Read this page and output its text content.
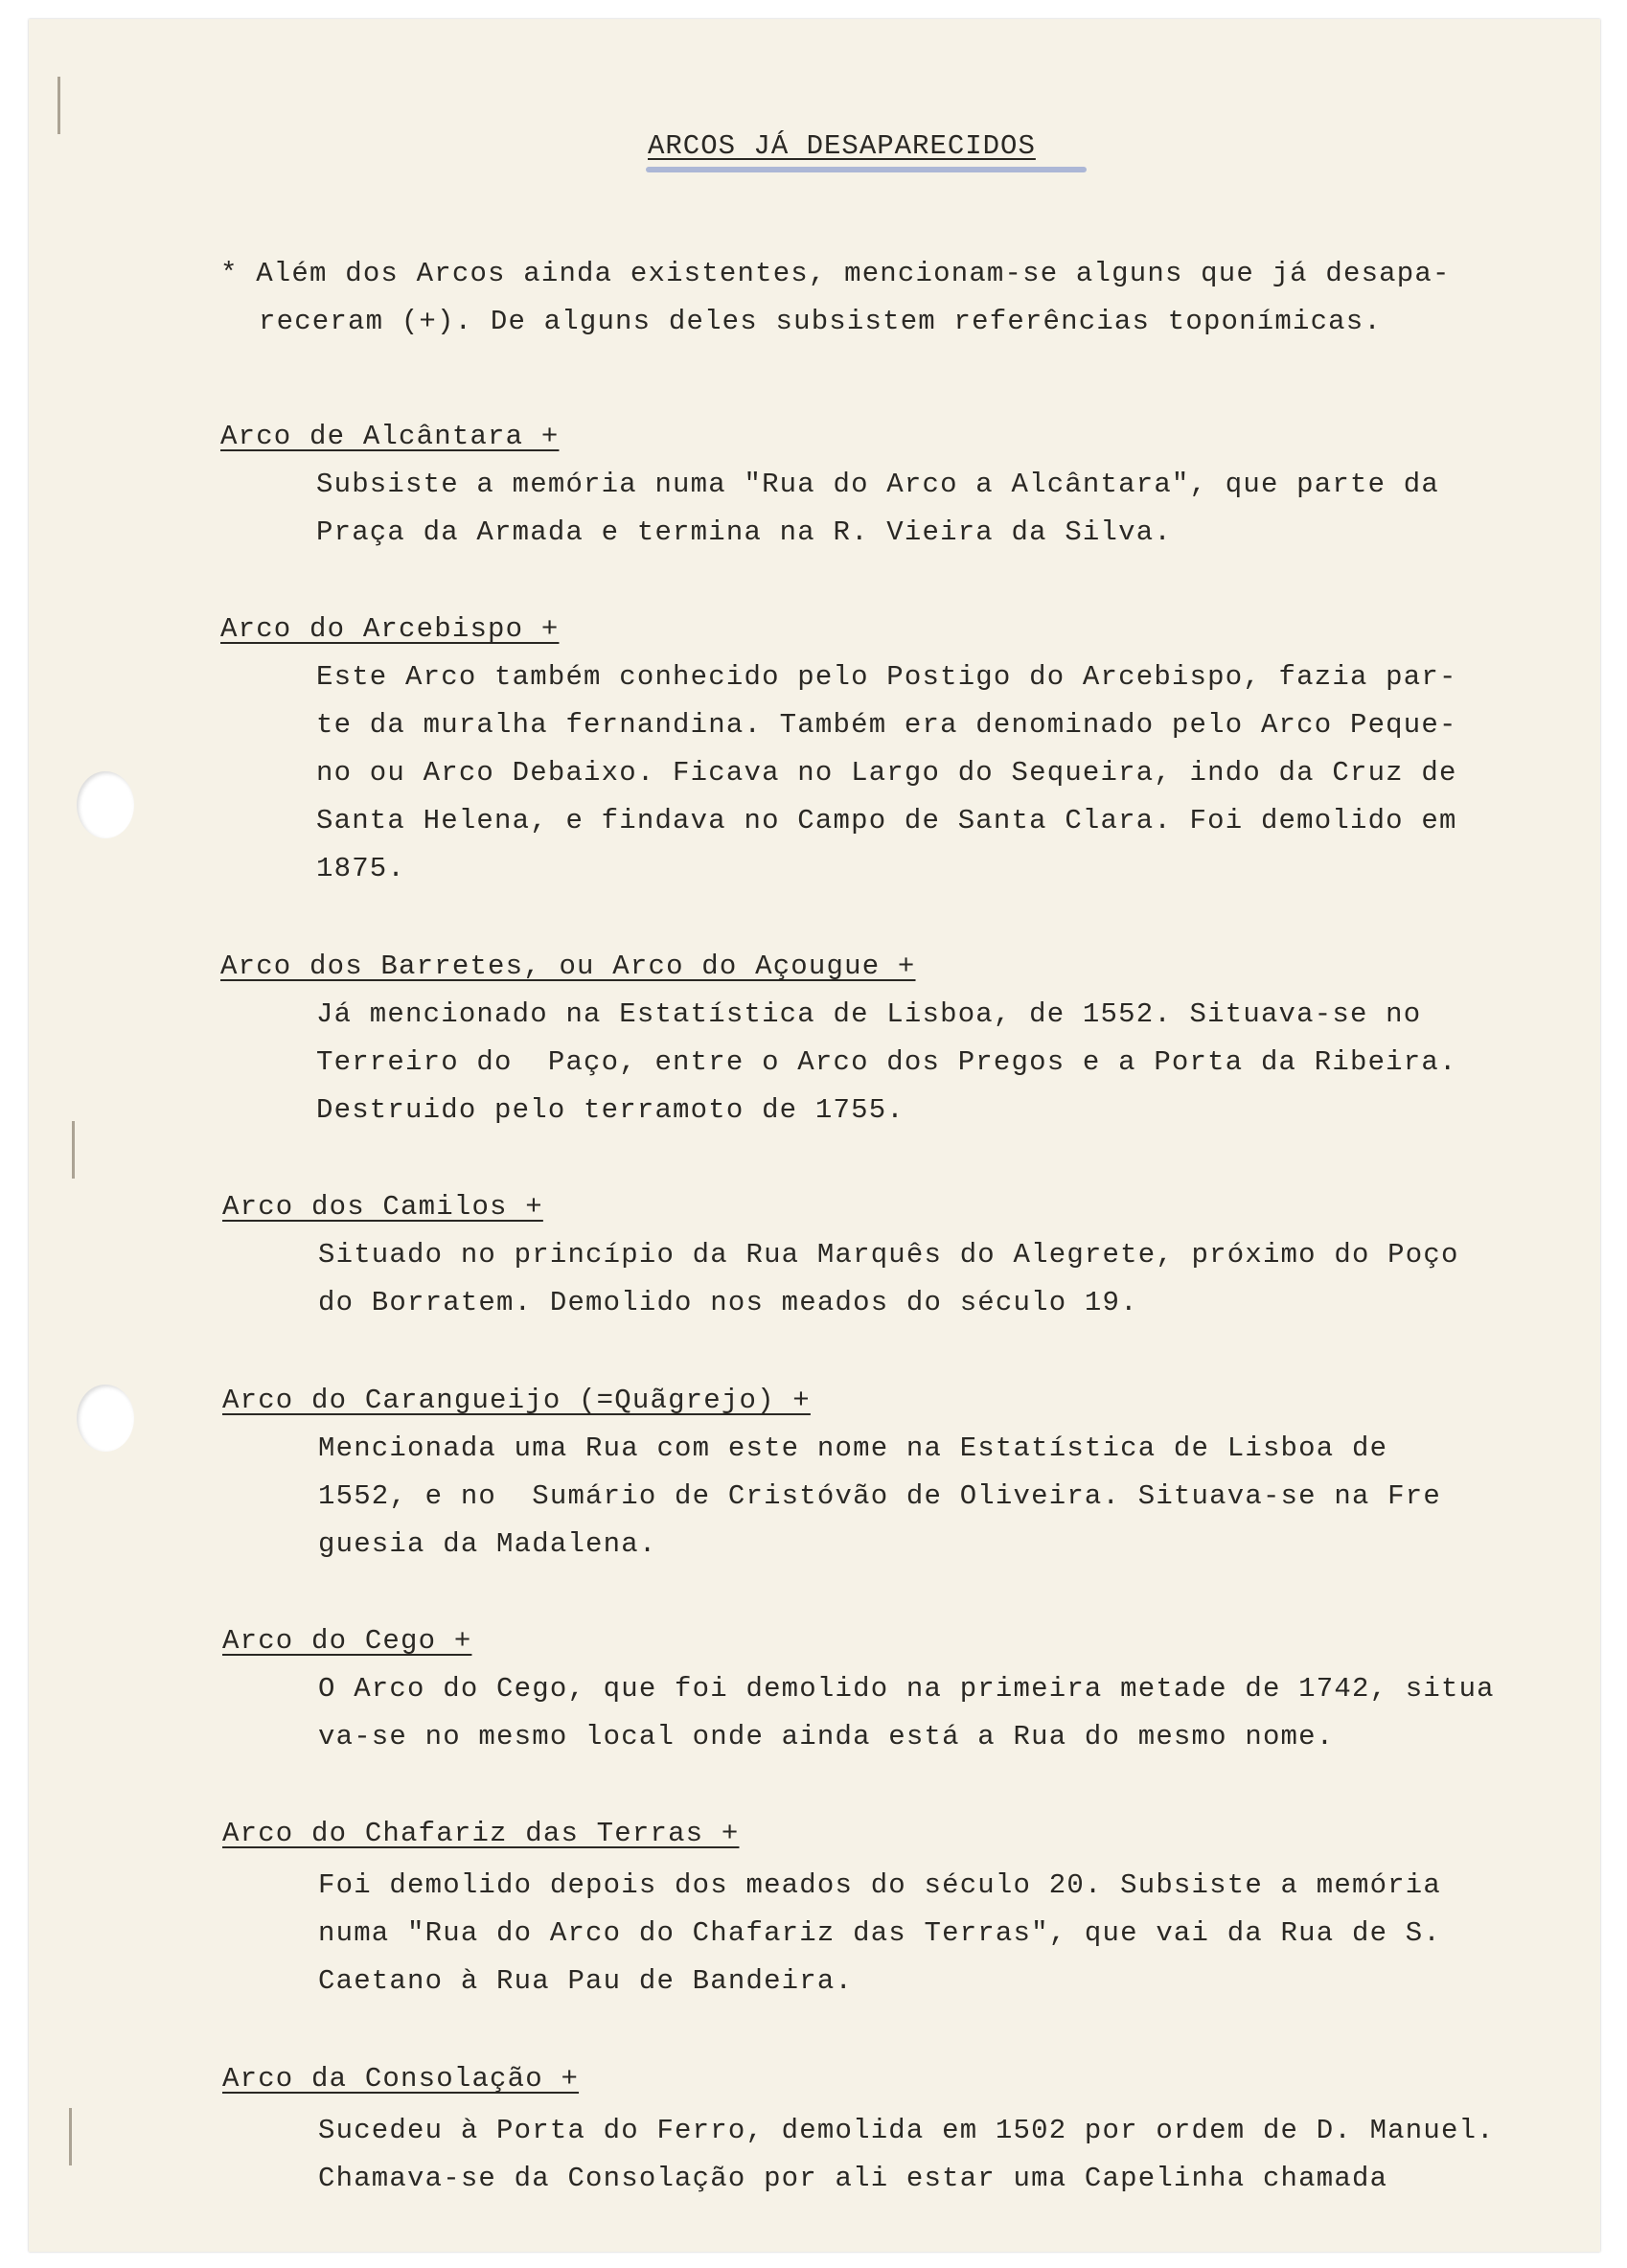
ARCOS JÁ DESAPARECIDOS
* Além dos Arcos ainda existentes, mencionam-se alguns que já desapa-
receram (+). De alguns deles subsistem referências toponímicas.
Arco de Alcântara +
Subsiste a memória numa "Rua do Arco a Alcântara", que parte da
Praça da Armada e termina na R. Vieira da Silva.
Arco do Arcebispo +
Este Arco também conhecido pelo Postigo do Arcebispo, fazia par-
te da muralha fernandina. Também era denominado pelo Arco Peque-
no ou Arco Debaixo. Ficava no Largo do Sequeira, indo da Cruz de
Santa Helena, e findava no Campo de Santa Clara. Foi demolido em
1875.
Arco dos Barretes, ou Arco do Açougue +
Já mencionado na Estatística de Lisboa, de 1552. Situava-se no
Terreiro do  Paço, entre o Arco dos Pregos e a Porta da Ribeira.
Destruido pelo terramoto de 1755.
Arco dos Camilos +
Situado no princípio da Rua Marquês do Alegrete, próximo do Poço
do Borratem. Demolido nos meados do século 19.
Arco do Carangueijo (=Quãgrejo) +
Mencionada uma Rua com este nome na Estatística de Lisboa de
1552, e no  Sumário de Cristóvão de Oliveira. Situava-se na Fre
guesia da Madalena.
Arco do Cego +
O Arco do Cego, que foi demolido na primeira metade de 1742, situa
va-se no mesmo local onde ainda está a Rua do mesmo nome.
Arco do Chafariz das Terras +
Foi demolido depois dos meados do século 20. Subsiste a memória
numa "Rua do Arco do Chafariz das Terras", que vai da Rua de S.
Caetano à Rua Pau de Bandeira.
Arco da Consolação +
Sucedeu à Porta do Ferro, demolida em 1502 por ordem de D. Manuel.
Chamava-se da Consolação por ali estar uma Capelinha chamada
